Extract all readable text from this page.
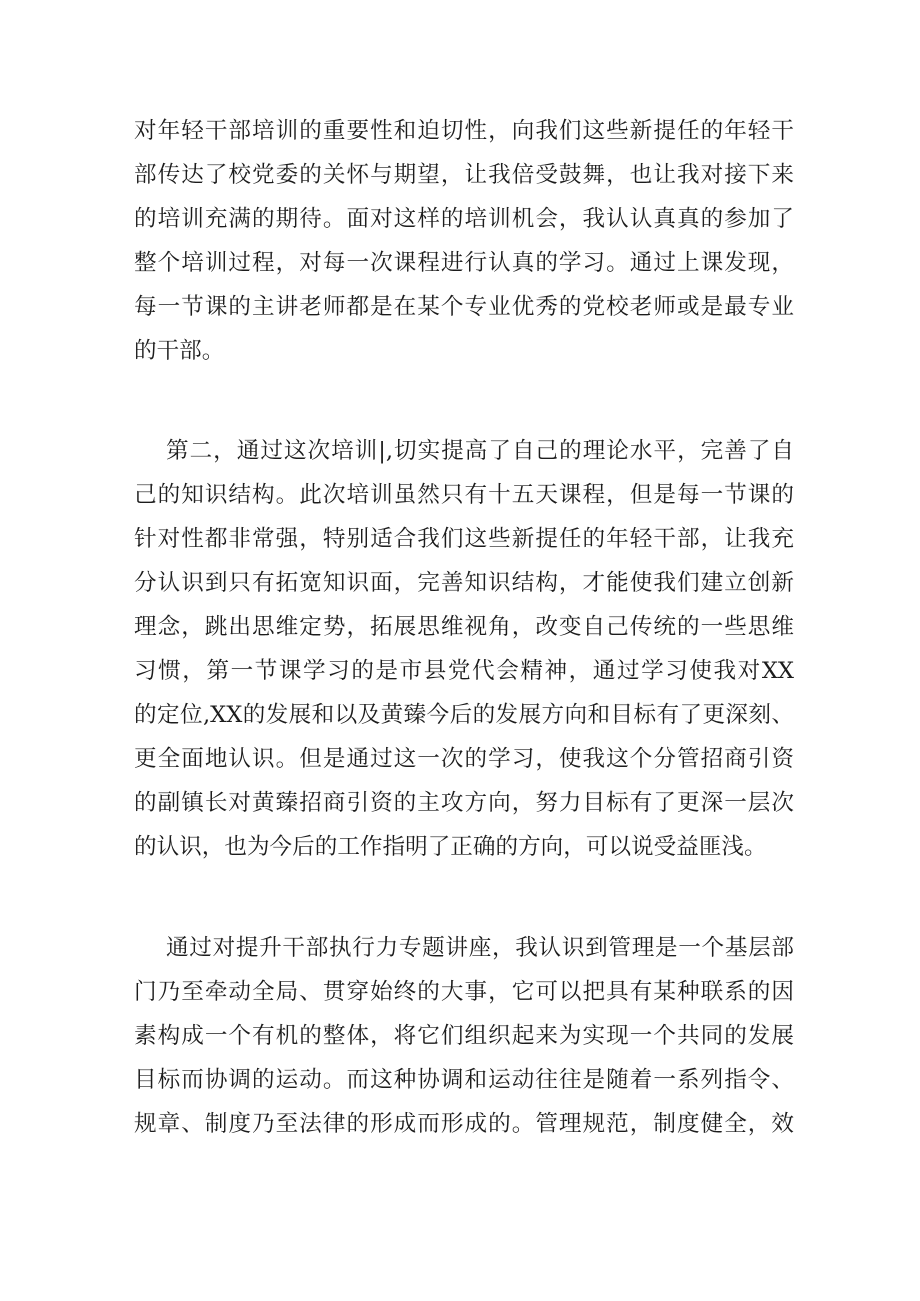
对年轻干部培训的重要性和迫切性，向我们这些新提任的年轻干
部传达了校党委的关怀与期望，让我倍受鼓舞，也让我对接下来
的培训充满的期待。面对这样的培训机会，我认认真真的参加了
整个培训过程，对每一次课程进行认真的学习。通过上课发现，
每一节课的主讲老师都是在某个专业优秀的党校老师或是最专业
的干部。
第二，通过这次培训|,切实提高了自己的理论水平，完善了自
己的知识结构。此次培训虽然只有十五天课程，但是每一节课的
针对性都非常强，特别适合我们这些新提任的年轻干部，让我充
分认识到只有拓宽知识面，完善知识结构，才能使我们建立创新
理念，跳出思维定势，拓展思维视角，改变自己传统的一些思维
习惯，第一节课学习的是市县党代会精神，通过学习使我对XX
的定位,XX的发展和以及黄臻今后的发展方向和目标有了更深刻、
更全面地认识。但是通过这一次的学习，使我这个分管招商引资
的副镇长对黄臻招商引资的主攻方向，努力目标有了更深一层次
的认识，也为今后的工作指明了正确的方向，可以说受益匪浅。
通过对提升干部执行力专题讲座，我认识到管理是一个基层部
门乃至牵动全局、贯穿始终的大事，它可以把具有某种联系的因
素构成一个有机的整体，将它们组织起来为实现一个共同的发展
目标而协调的运动。而这种协调和运动往往是随着一系列指令、
规章、制度乃至法律的形成而形成的。管理规范，制度健全，效
